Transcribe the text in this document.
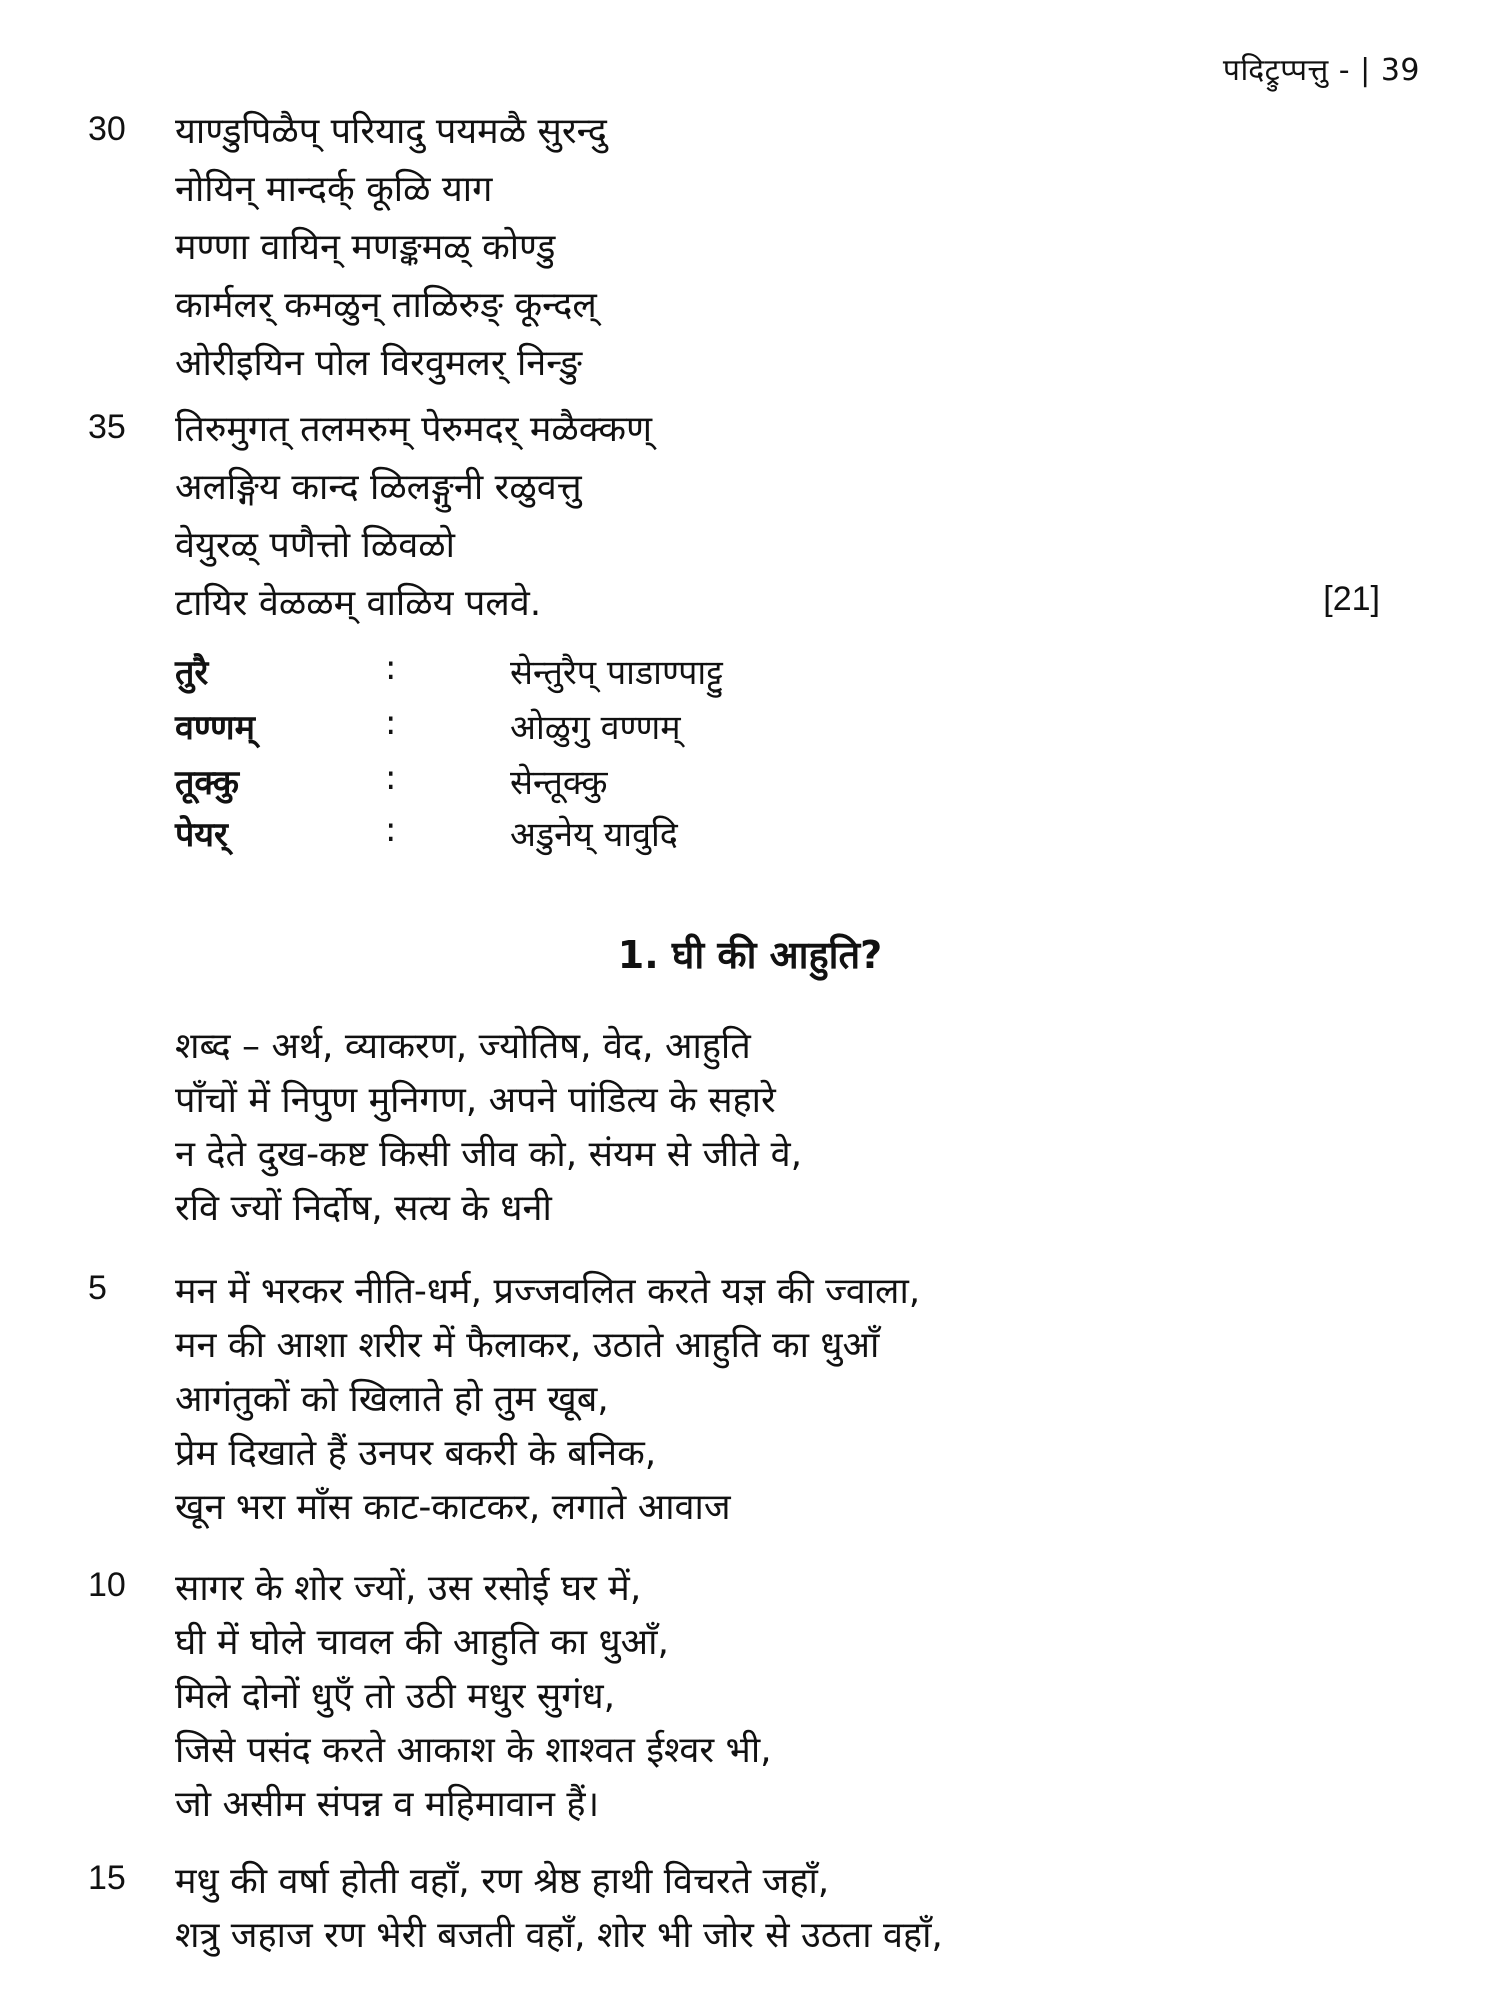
पदिट्रुप्पत्तु - | 39
30	याण्डुपिळैप् परियादु पयमळै सुरन्दु
नोयिन् मान्दर्क् कूळि याग
मण्णा वायिन् मणङ्कमळ् कोण्डु
कार्मलर् कमळुन् ताळिरुङ् कून्दल्
ओरीइयिन पोल विरवुमलर् निन्ङु
35	तिरुमुगत् तलमरुम् पेरुमदर् मळैक्कण्
अलङ्गिय कान्द ळिलङ्गुनी रळुवत्तु
वेयुरळ् पणैत्तो ळिवळो
टायिर वेळळम् वाळिय पलवे.	[21]
तुरै	:	सेन्तुरैप् पाडाण्पाट्टु
वण्णम्	:	ओळुगु वण्णम्
तूक्कु	:	सेन्तूक्कु
पेयर्	:	अडुनेय् यावुदि
1. घी की आहुति?
शब्द – अर्थ, व्याकरण, ज्योतिष, वेद, आहुति
पाँचों में निपुण मुनिगण, अपने पांडित्य के सहारे
न देते दुख-कष्ट किसी जीव को, संयम से जीते वे,
रवि ज्यों निर्दोष, सत्य के धनी
5	मन में भरकर नीति-धर्म, प्रज्जवलित करते यज्ञ की ज्वाला,
मन की आशा शरीर में फैलाकर, उठाते आहुति का धुआँ
आगंतुकों को खिलाते हो तुम खूब,
प्रेम दिखाते हैं उनपर बकरी के बनिक,
खून भरा माँस काट-काटकर, लगाते आवाज
10	सागर के शोर ज्यों, उस रसोई घर में,
घी में घोले चावल की आहुति का धुआँ,
मिले दोनों धुएँ तो उठी मधुर सुगंध,
जिसे पसंद करते आकाश के शाश्वत ईश्वर भी,
जो असीम संपन्न व महिमावान हैं।
15	मधु की वर्षा होती वहाँ, रण श्रेष्ठ हाथी विचरते जहाँ,
शत्रु जहाज रण भेरी बजती वहाँ, शोर भी जोर से उठता वहाँ,
